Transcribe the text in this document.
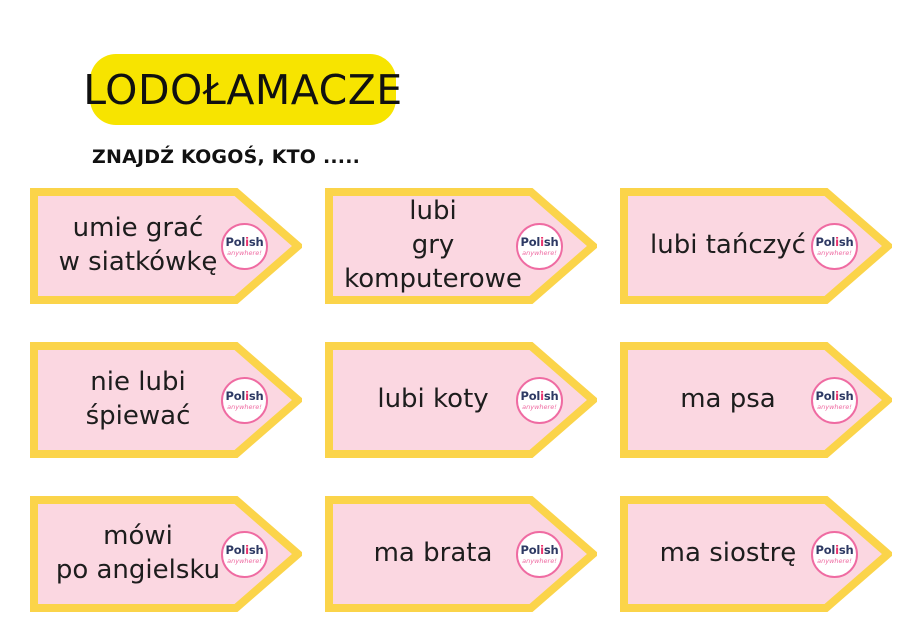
LODOŁAMACZE
ZNAJDŹ KOGOŚ, KTO .....
umie grać
w siatkówkę
Polish
anywhere!
lubi
gry
komputerowe
Polish
anywhere!	lubi tańczyć Polish
anywhere!
nie lubi
śpiewać
Polish
anywhere!	lubi koty	Polish
anywhere!	ma psa	Polish
anywhere!
mówi
po angielsku
Polish
anywhere!	ma brata Polish
anywhere!	ma siostrę Polish
anywhere!
